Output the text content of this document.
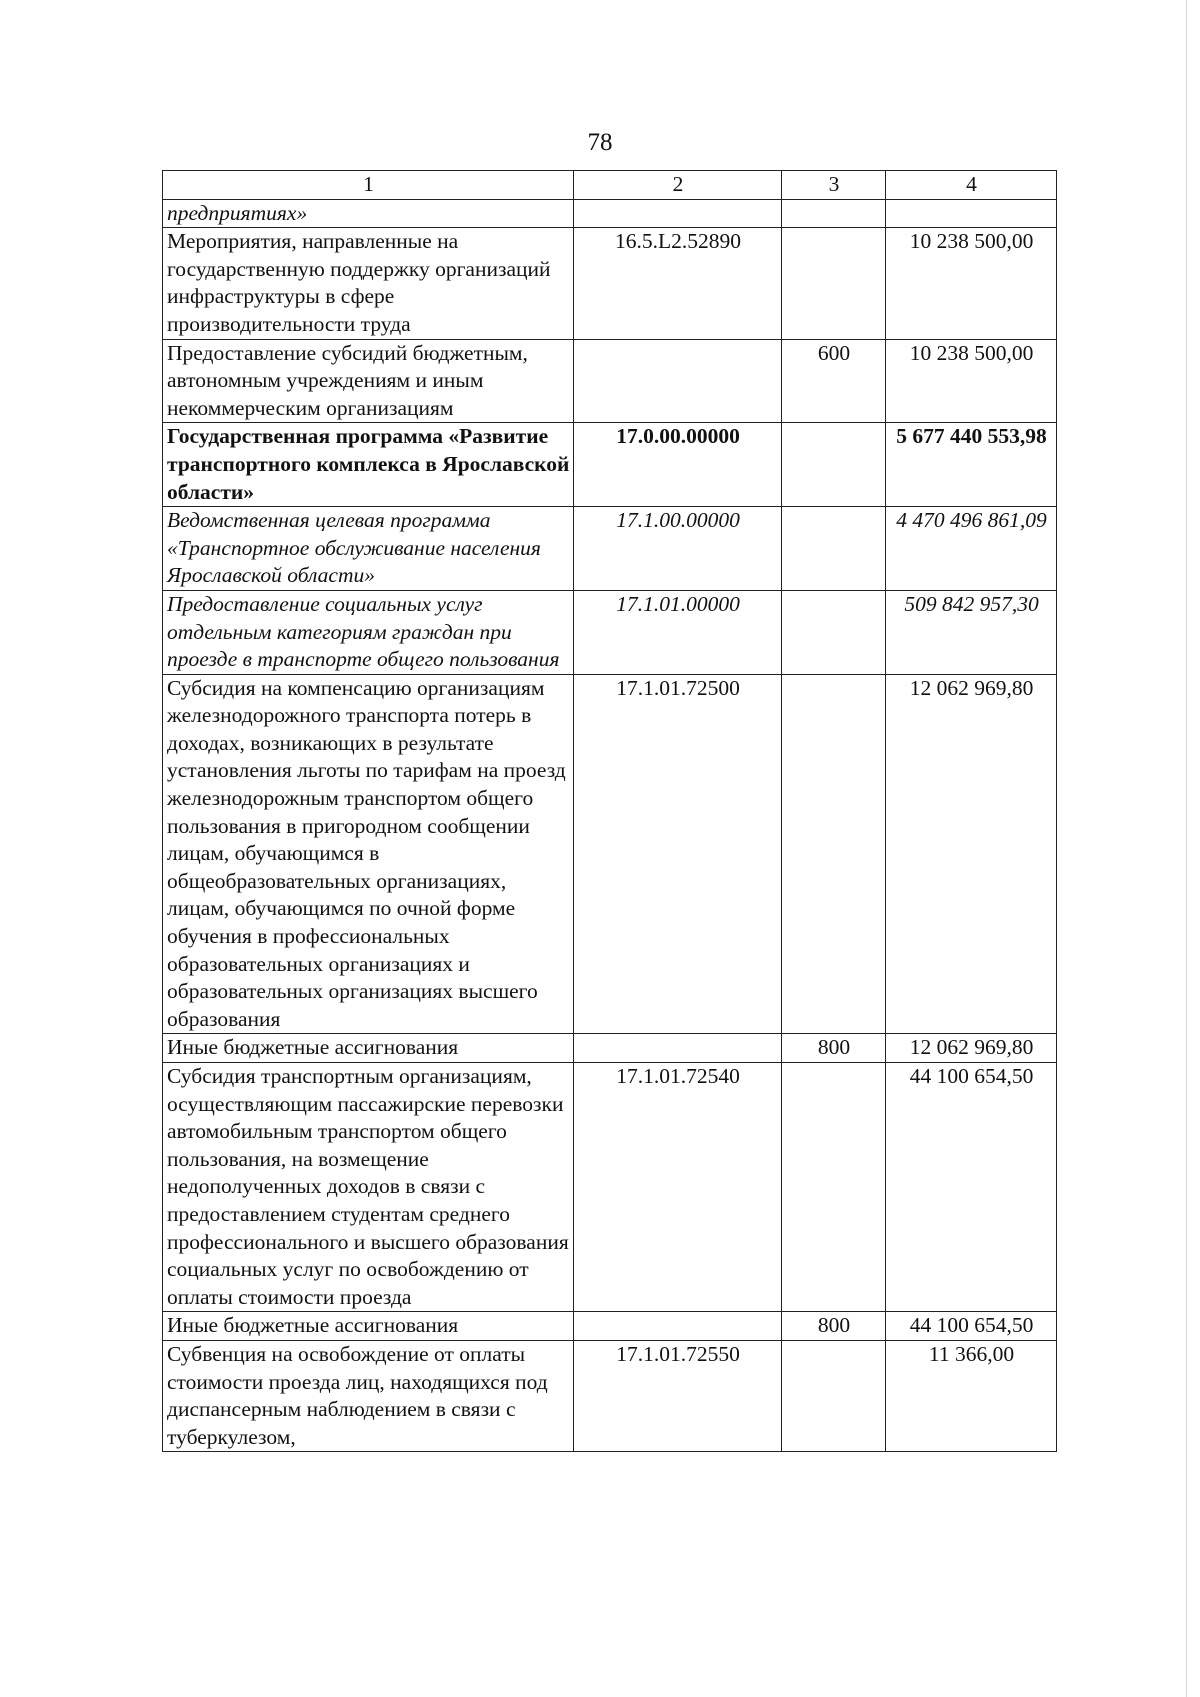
78
1	2	3	4
предприятиях»			
Мероприятия, направленные на государственную поддержку организаций инфраструктуры в сфере производительности труда	16.5.L2.52890		10 238 500,00
Предоставление субсидий бюджетным, автономным учреждениям и иным некоммерческим организациям		600	10 238 500,00
Государственная программа «Развитие транспортного комплекса в Ярославской области»	17.0.00.00000		5 677 440 553,98
Ведомственная целевая программа «Транспортное обслуживание населения Ярославской области»	17.1.00.00000		4 470 496 861,09
Предоставление социальных услуг отдельным категориям граждан при проезде в транспорте общего пользования	17.1.01.00000		509 842 957,30
Субсидия на компенсацию организациям железнодорожного транспорта потерь в доходах, возникающих в результате установления льготы по тарифам на проезд железнодорожным транспортом общего пользования в пригородном сообщении лицам, обучающимся в общеобразовательных организациях, лицам, обучающимся по очной форме обучения в профессиональных образовательных организациях и образовательных организациях высшего образования	17.1.01.72500		12 062 969,80
Иные бюджетные ассигнования		800	12 062 969,80
Субсидия транспортным организациям, осуществляющим пассажирские перевозки автомобильным транспортом общего пользования, на возмещение недополученных доходов в связи с предоставлением студентам среднего профессионального и высшего образования социальных услуг по освобождению от оплаты стоимости проезда	17.1.01.72540		44 100 654,50
Иные бюджетные ассигнования		800	44 100 654,50
Субвенция на освобождение от оплаты стоимости проезда лиц, находящихся под диспансерным наблюдением в связи с туберкулезом,	17.1.01.72550		11 366,00
